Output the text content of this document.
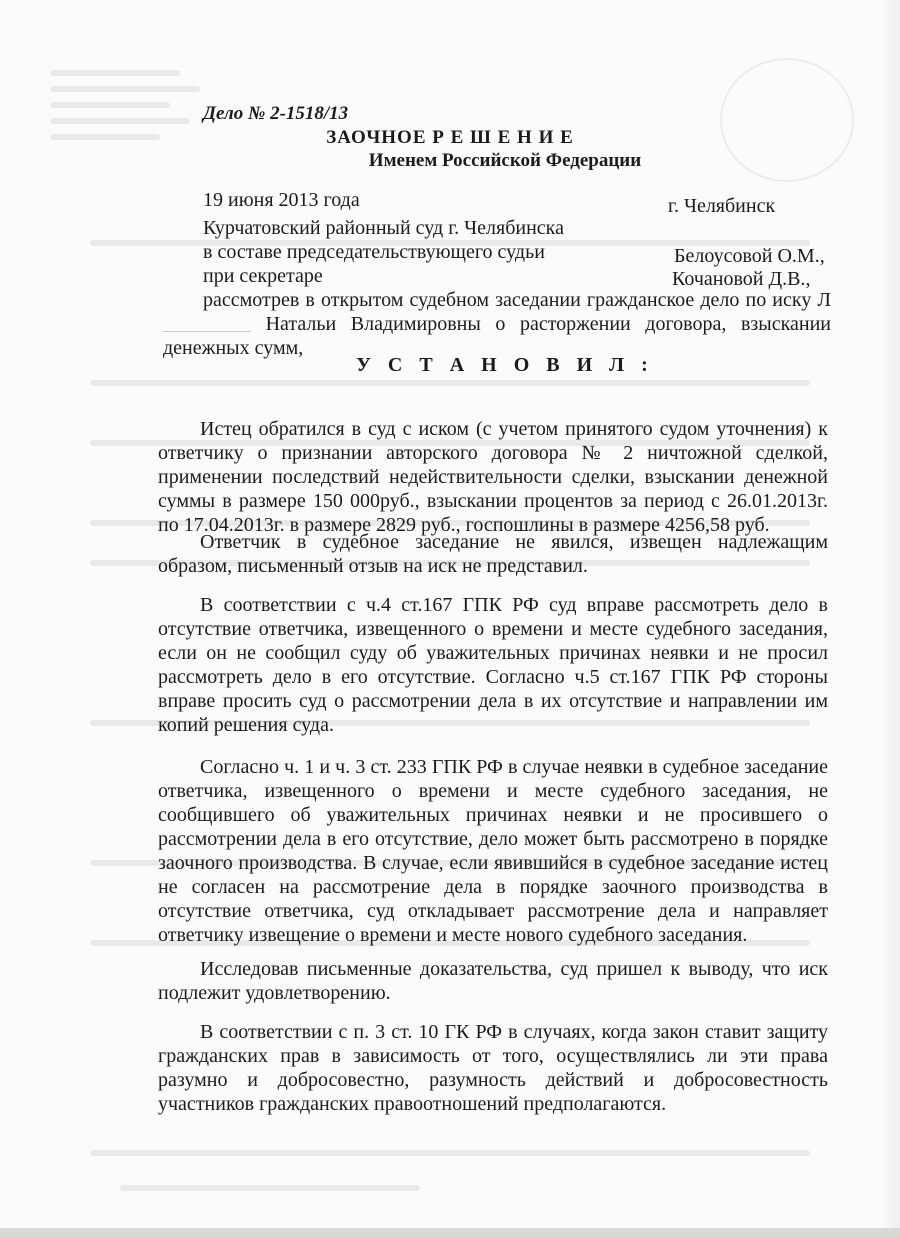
Дело № 2-1518/13
ЗАОЧНОЕ Р Е Ш Е Н И Е
Именем Российской Федерации
19 июня 2013 года	г. Челябинск
Курчатовский районный суд г. Челябинска
в составе председательствующего судьи	Белоусовой О.М.,
при секретаре	Кочановой Д.В.,
рассмотрев в открытом судебном заседании гражданское дело по иску Л Натальи Владимировны о расторжении договора, взыскании денежных сумм,
У С Т А Н О В И Л :
Истец обратился в суд с иском (с учетом принятого судом уточнения) к ответчику о признании авторского договора № 2 ничтожной сделкой, применении последствий недействительности сделки, взыскании денежной суммы в размере 150 000руб., взыскании процентов за период с 26.01.2013г. по 17.04.2013г. в размере 2829 руб., госпошлины в размере 4256,58 руб.
Ответчик в судебное заседание не явился, извещен надлежащим образом, письменный отзыв на иск не представил.
В соответствии с ч.4 ст.167 ГПК РФ суд вправе рассмотреть дело в отсутствие ответчика, извещенного о времени и месте судебного заседания, если он не сообщил суду об уважительных причинах неявки и не просил рассмотреть дело в его отсутствие. Согласно ч.5 ст.167 ГПК РФ стороны вправе просить суд о рассмотрении дела в их отсутствие и направлении им копий решения суда.
Согласно ч. 1 и ч. 3 ст. 233 ГПК РФ в случае неявки в судебное заседание ответчика, извещенного о времени и месте судебного заседания, не сообщившего об уважительных причинах неявки и не просившего о рассмотрении дела в его отсутствие, дело может быть рассмотрено в порядке заочного производства. В случае, если явившийся в судебное заседание истец не согласен на рассмотрение дела в порядке заочного производства в отсутствие ответчика, суд откладывает рассмотрение дела и направляет ответчику извещение о времени и месте нового судебного заседания.
Исследовав письменные доказательства, суд пришел к выводу, что иск подлежит удовлетворению.
В соответствии с п. 3 ст. 10 ГК РФ в случаях, когда закон ставит защиту гражданских прав в зависимость от того, осуществлялись ли эти права разумно и добросовестно, разумность действий и добросовестность участников гражданских правоотношений предполагаются.
